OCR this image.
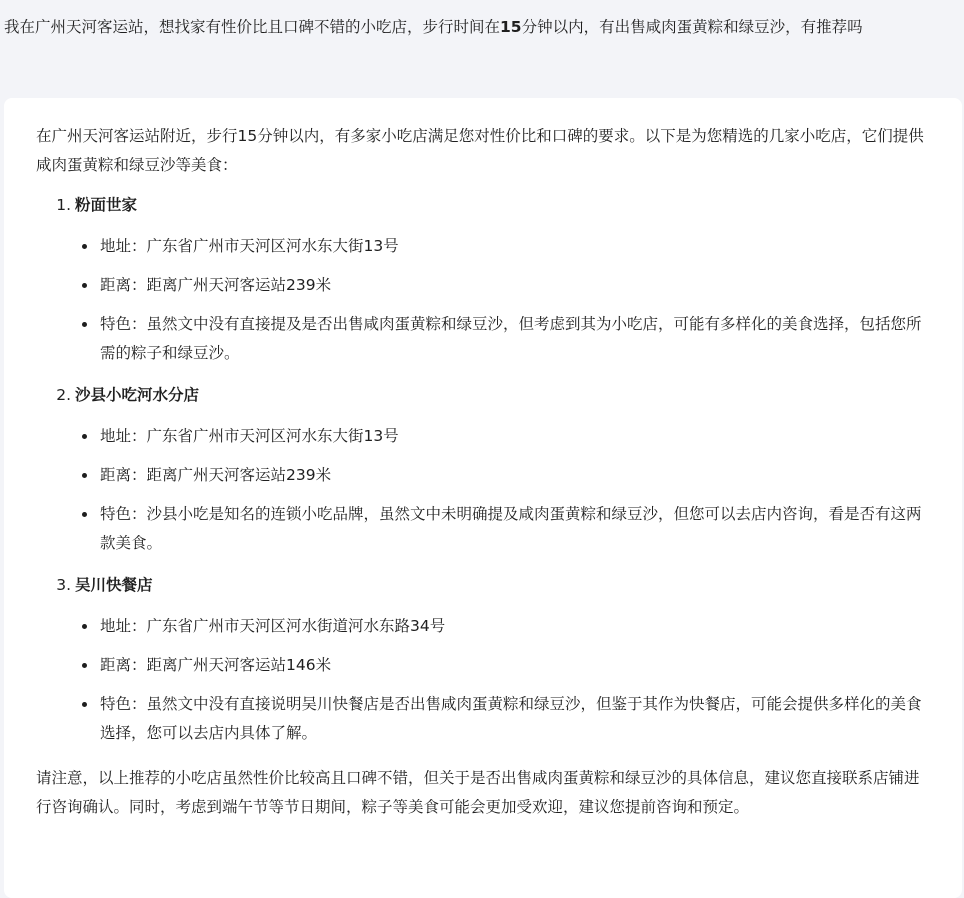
我在广州天河客运站，想找家有性价比且口碑不错的小吃店，步行时间在15分钟以内，有出售咸肉蛋黄粽和绿豆沙，有推荐吗

在广州天河客运站附近，步行15分钟以内，有多家小吃店满足您对性价比和口碑的要求。以下是为您精选的几家小吃店，它们提供咸肉蛋黄粽和绿豆沙等美食：

1. 粉面世家
地址：广东省广州市天河区河水东大街13号
距离：距离广州天河客运站239米
特色：虽然文中没有直接提及是否出售咸肉蛋黄粽和绿豆沙，但考虑到其为小吃店，可能有多样化的美食选择，包括您所需的粽子和绿豆沙。
2. 沙县小吃河水分店
地址：广东省广州市天河区河水东大街13号
距离：距离广州天河客运站239米
特色：沙县小吃是知名的连锁小吃品牌，虽然文中未明确提及咸肉蛋黄粽和绿豆沙，但您可以去店内咨询，看是否有这两款美食。
3. 吴川快餐店
地址：广东省广州市天河区河水街道河水东路34号
距离：距离广州天河客运站146米
特色：虽然文中没有直接说明吴川快餐店是否出售咸肉蛋黄粽和绿豆沙，但鉴于其作为快餐店，可能会提供多样化的美食选择，您可以去店内具体了解。

请注意，以上推荐的小吃店虽然性价比较高且口碑不错，但关于是否出售咸肉蛋黄粽和绿豆沙的具体信息，建议您直接联系店铺进行咨询确认。同时，考虑到端午节等节日期间，粽子等美食可能会更加受欢迎，建议您提前咨询和预定。
